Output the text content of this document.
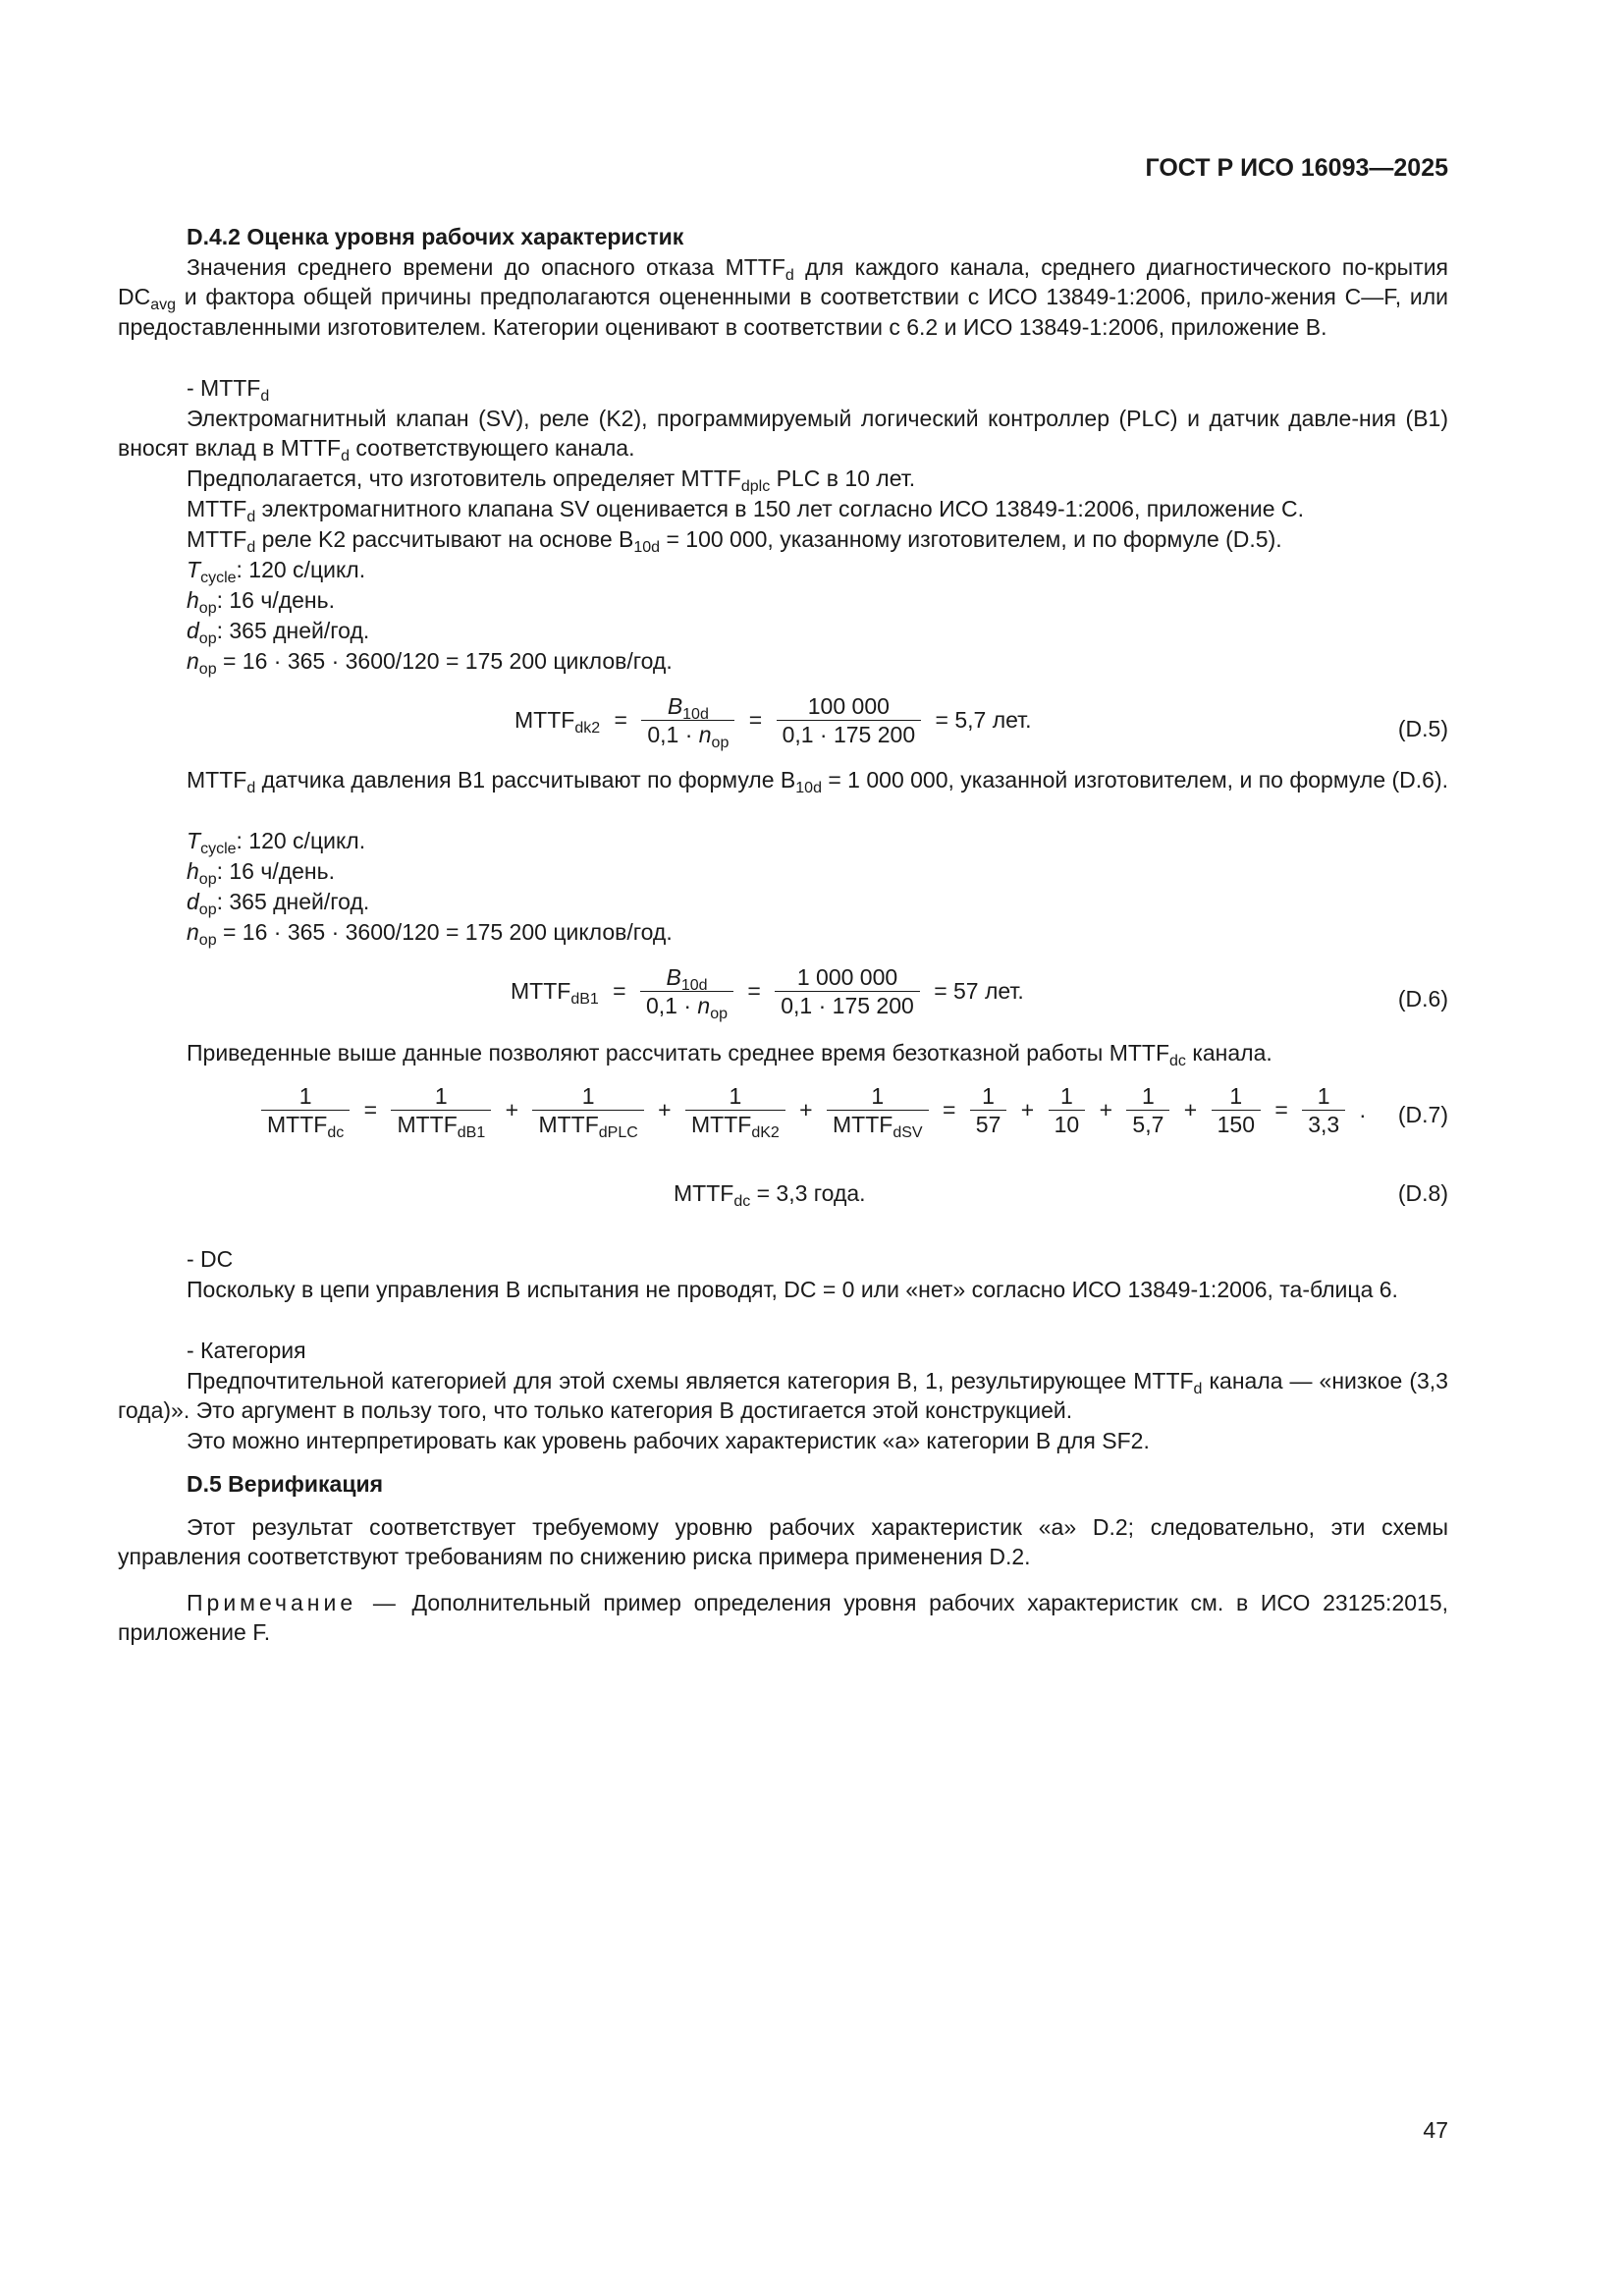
ГОСТ Р ИСО 16093—2025
D.4.2 Оценка уровня рабочих характеристик
Значения среднего времени до опасного отказа $MTTF_d$ для каждого канала, среднего диагностического по-крытия $DC_{avg}$ и фактора общей причины предполагаются оцененными в соответствии с ИСО 13849-1:2006, прило-жения C—F, или предоставленными изготовителем. Категории оценивают в соответствии с 6.2 и ИСО 13849-1:2006, приложение B.
- $MTTF_d$
Электромагнитный клапан (SV), реле (K2), программируемый логический контроллер (PLC) и датчик давле-ния (B1) вносят вклад в $MTTF_d$ соответствующего канала.
Предполагается, что изготовитель определяет $MTTF_{dplc}$ PLC в 10 лет.
$MTTF_d$ электромагнитного клапана SV оценивается в 150 лет согласно ИСО 13849-1:2006, приложение С.
$MTTF_d$ реле K2 рассчитывают на основе $B_{10d} = 100$ 000, указанному изготовителем, и по формуле (D.5).
$T_{cycle}$: 120 с/цикл.
$h_{op}$: 16 ч/день.
$d_{op}$: 365 дней/год.
$n_{op} = 16 \cdot 365 \cdot 3600/120 = 175$ 200 циклов/год.
$MTTF_{dk2} = \frac{B_{10d}}{0,1 \cdot n_{op}} = \frac{100 000}{0,1 \cdot 175 200} = 5,7$ лет.	(D.5)
$MTTF_d$ датчика давления B1 рассчитывают по формуле $B_{10d} = 1$ 000 000, указанной изготовителем, и по формуле (D.6).
$T_{cycle}$: 120 с/цикл.
$h_{op}$: 16 ч/день.
$d_{op}$: 365 дней/год.
$n_{op} = 16 \cdot 365 \cdot 3600/120 = 175$ 200 циклов/год.
$MTTF_{dB1} = \frac{B_{10d}}{0,1 \cdot n_{op}} = \frac{1 000 000}{0,1 \cdot 175 200} = 57$ лет.	(D.6)
Приведенные выше данные позволяют рассчитать среднее время безотказной работы $MTTF_{dc}$ канала.
$\frac{1}{MTTF_{dc}} = \frac{1}{MTTF_{dB1}} + \frac{1}{MTTF_{dPLC}} + \frac{1}{MTTF_{dK2}} + \frac{1}{MTTF_{dSV}} = \frac{1}{57} + \frac{1}{10} + \frac{1}{5,7} + \frac{1}{150} = \frac{1}{3,3}$ . (D.7)
$MTTF_{dc} = 3,3$ года.	(D.8)
- DC
Поскольку в цепи управления B испытания не проводят, DC = 0 или «нет» согласно ИСО 13849-1:2006, та-блица 6.
- Категория
Предпочтительной категорией для этой схемы является категория В, 1, результирующее $MTTF_d$ канала — «низкое (3,3 года)». Это аргумент в пользу того, что только категория В достигается этой конструкцией.
Это можно интерпретировать как уровень рабочих характеристик «а» категории В для SF2.
D.5 Верификация
Этот результат соответствует требуемому уровню рабочих характеристик «а» D.2; следовательно, эти схемы управления соответствуют требованиям по снижению риска примера применения D.2.
Примечание — Дополнительный пример определения уровня рабочих характеристик см. в ИСО 23125:2015, приложение F.
47
